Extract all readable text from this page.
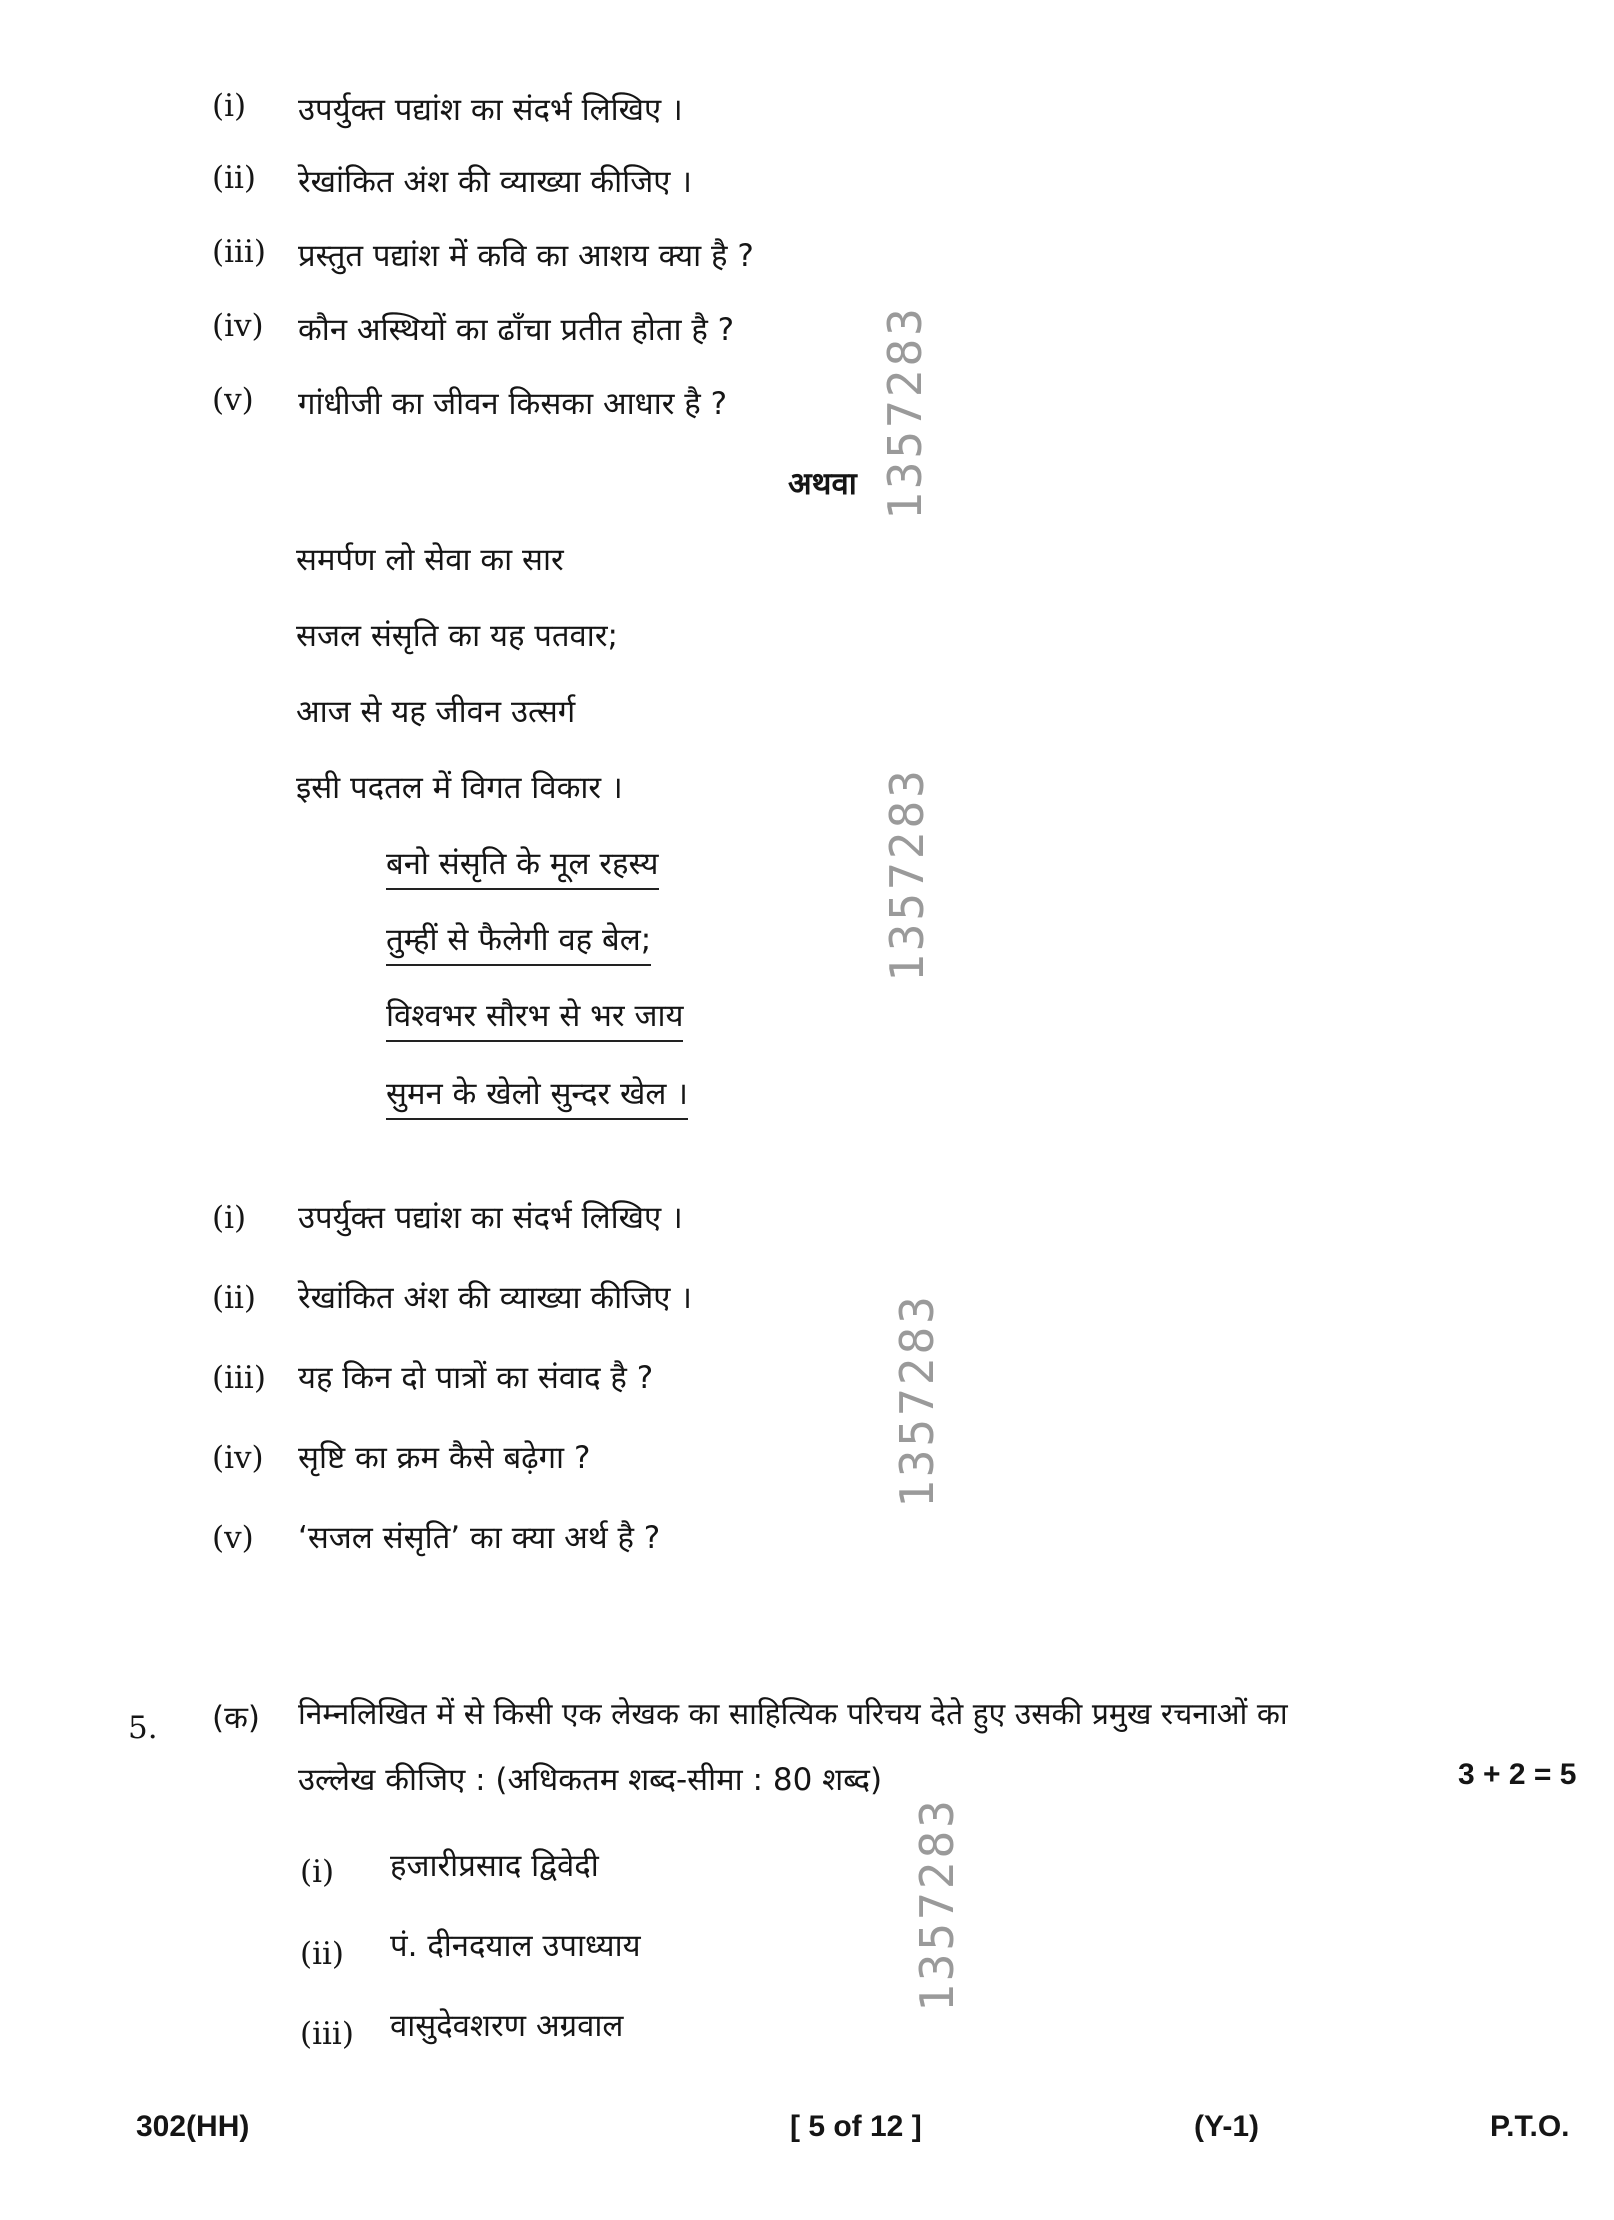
(i) उपर्युक्त पद्यांश का संदर्भ लिखिए ।
(ii) रेखांकित अंश की व्याख्या कीजिए ।
(iii) प्रस्तुत पद्यांश में कवि का आशय क्या है ?
(iv) कौन अस्थियों का ढाँचा प्रतीत होता है ?
(v) गांधीजी का जीवन किसका आधार है ?
अथवा
समर्पण लो सेवा का सार
सजल संसृति का यह पतवार;
आज से यह जीवन उत्सर्ग
इसी पदतल में विगत विकार ।
बनो संसृति के मूल रहस्य
तुम्हीं से फैलेगी वह बेल;
विश्वभर सौरभ से भर जाय
सुमन के खेलो सुन्दर खेल ।
(i) उपर्युक्त पद्यांश का संदर्भ लिखिए ।
(ii) रेखांकित अंश की व्याख्या कीजिए ।
(iii) यह किन दो पात्रों का संवाद है ?
(iv) सृष्टि का क्रम कैसे बढ़ेगा ?
(v) ‘सजल संसृति’ का क्या अर्थ है ?
5. (क) निम्नलिखित में से किसी एक लेखक का साहित्यिक परिचय देते हुए उसकी प्रमुख रचनाओं का
उल्लेख कीजिए : (अधिकतम शब्द-सीमा : 80 शब्द)	3 + 2 = 5
(i) हजारीप्रसाद द्विवेदी
(ii) पं. दीनदयाल उपाध्याय
(iii) वासुदेवशरण अग्रवाल
1357283
1357283
1357283
1357283
302(HH)	[ 5 of 12 ]	(Y-1)	P.T.O.
